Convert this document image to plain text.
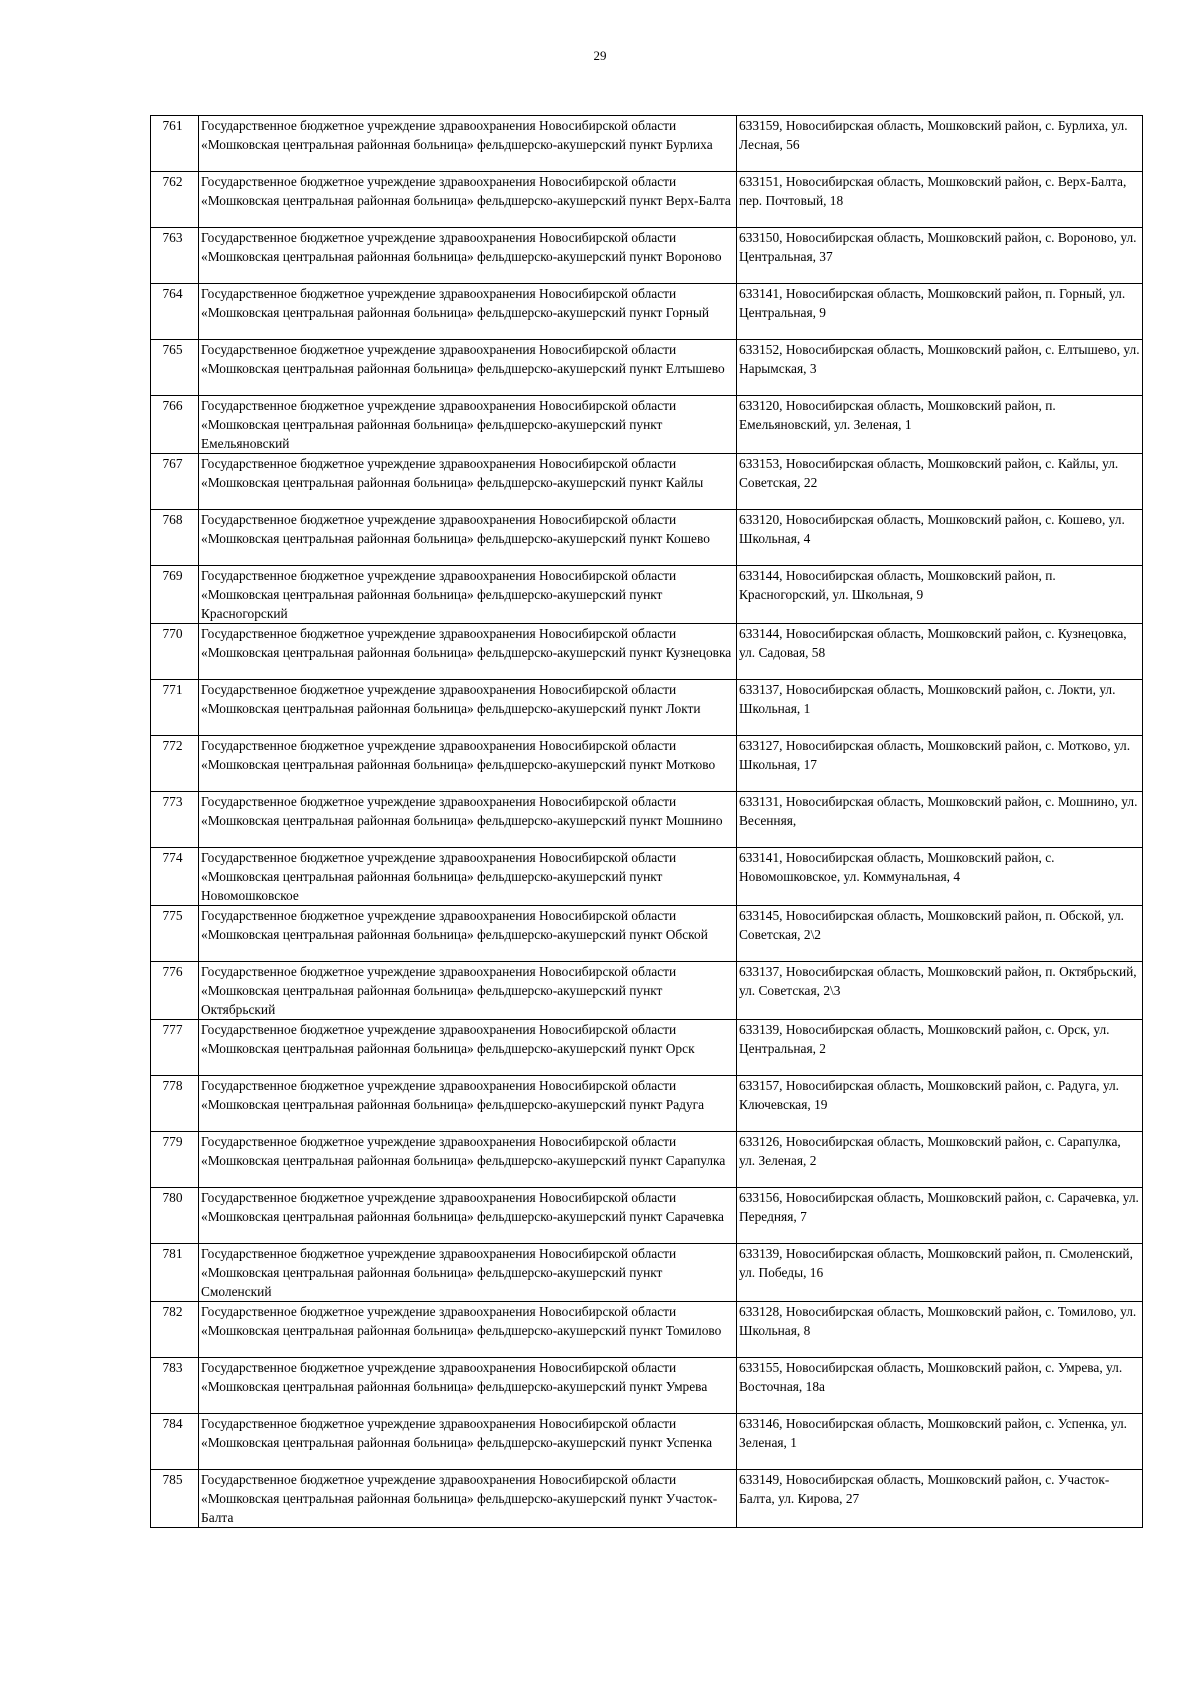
29
761	Государственное бюджетное учреждение здравоохранения Новосибирской области «Мошковская центральная районная больница» фельдшерско-акушерский пункт Бурлиха	633159, Новосибирская область, Мошковский район, с. Бурлиха, ул. Лесная, 56
762	Государственное бюджетное учреждение здравоохранения Новосибирской области «Мошковская центральная районная больница» фельдшерско-акушерский пункт Верх-Балта	633151, Новосибирская область, Мошковский район, с. Верх-Балта, пер. Почтовый, 18
763	Государственное бюджетное учреждение здравоохранения Новосибирской области «Мошковская центральная районная больница» фельдшерско-акушерский пункт Вороново	633150, Новосибирская область, Мошковский район, с. Вороново, ул. Центральная, 37
764	Государственное бюджетное учреждение здравоохранения Новосибирской области «Мошковская центральная районная больница» фельдшерско-акушерский пункт Горный	633141, Новосибирская область, Мошковский район, п. Горный, ул. Центральная, 9
765	Государственное бюджетное учреждение здравоохранения Новосибирской области «Мошковская центральная районная больница» фельдшерско-акушерский пункт Елтышево	633152, Новосибирская область, Мошковский район, с. Елтышево, ул. Нарымская, 3
766	Государственное бюджетное учреждение здравоохранения Новосибирской области «Мошковская центральная районная больница» фельдшерско-акушерский пункт Емельяновский	633120, Новосибирская область, Мошковский район, п. Емельяновский, ул. Зеленая, 1
767	Государственное бюджетное учреждение здравоохранения Новосибирской области «Мошковская центральная районная больница» фельдшерско-акушерский пункт Кайлы	633153, Новосибирская область, Мошковский район, с. Кайлы, ул. Советская, 22
768	Государственное бюджетное учреждение здравоохранения Новосибирской области «Мошковская центральная районная больница» фельдшерско-акушерский пункт Кошево	633120, Новосибирская область, Мошковский район, с. Кошево, ул. Школьная, 4
769	Государственное бюджетное учреждение здравоохранения Новосибирской области «Мошковская центральная районная больница» фельдшерско-акушерский пункт Красногорский	633144, Новосибирская область, Мошковский район, п. Красногорский, ул. Школьная, 9
770	Государственное бюджетное учреждение здравоохранения Новосибирской области «Мошковская центральная районная больница» фельдшерско-акушерский пункт Кузнецовка	633144, Новосибирская область, Мошковский район, с. Кузнецовка, ул. Садовая, 58
771	Государственное бюджетное учреждение здравоохранения Новосибирской области «Мошковская центральная районная больница» фельдшерско-акушерский пункт Локти	633137, Новосибирская область, Мошковский район, с. Локти, ул. Школьная, 1
772	Государственное бюджетное учреждение здравоохранения Новосибирской области «Мошковская центральная районная больница» фельдшерско-акушерский пункт Мотково	633127, Новосибирская область, Мошковский район, с. Мотково, ул. Школьная, 17
773	Государственное бюджетное учреждение здравоохранения Новосибирской области «Мошковская центральная районная больница» фельдшерско-акушерский пункт Мошнино	633131, Новосибирская область, Мошковский район, с. Мошнино, ул. Весенняя,
774	Государственное бюджетное учреждение здравоохранения Новосибирской области «Мошковская центральная районная больница» фельдшерско-акушерский пункт Новомошковское	633141, Новосибирская область, Мошковский район, с. Новомошковское, ул. Коммунальная, 4
775	Государственное бюджетное учреждение здравоохранения Новосибирской области «Мошковская центральная районная больница» фельдшерско-акушерский пункт Обской	633145, Новосибирская область, Мошковский район, п. Обской, ул. Советская, 2\2
776	Государственное бюджетное учреждение здравоохранения Новосибирской области «Мошковская центральная районная больница» фельдшерско-акушерский пункт Октябрьский	633137, Новосибирская область, Мошковский район, п. Октябрьский, ул. Советская, 2\3
777	Государственное бюджетное учреждение здравоохранения Новосибирской области «Мошковская центральная районная больница» фельдшерско-акушерский пункт Орск	633139, Новосибирская область, Мошковский район, с. Орск, ул. Центральная, 2
778	Государственное бюджетное учреждение здравоохранения Новосибирской области «Мошковская центральная районная больница» фельдшерско-акушерский пункт Радуга	633157, Новосибирская область, Мошковский район, с. Радуга, ул. Ключевская, 19
779	Государственное бюджетное учреждение здравоохранения Новосибирской области «Мошковская центральная районная больница» фельдшерско-акушерский пункт Сарапулка	633126, Новосибирская область, Мошковский район, с. Сарапулка, ул. Зеленая, 2
780	Государственное бюджетное учреждение здравоохранения Новосибирской области «Мошковская центральная районная больница» фельдшерско-акушерский пункт Сарачевка	633156, Новосибирская область, Мошковский район, с. Сарачевка, ул. Передняя, 7
781	Государственное бюджетное учреждение здравоохранения Новосибирской области «Мошковская центральная районная больница» фельдшерско-акушерский пункт Смоленский	633139, Новосибирская область, Мошковский район, п. Смоленский, ул. Победы, 16
782	Государственное бюджетное учреждение здравоохранения Новосибирской области «Мошковская центральная районная больница» фельдшерско-акушерский пункт Томилово	633128, Новосибирская область, Мошковский район, с. Томилово, ул. Школьная, 8
783	Государственное бюджетное учреждение здравоохранения Новосибирской области «Мошковская центральная районная больница» фельдшерско-акушерский пункт Умрева	633155, Новосибирская область, Мошковский район, с. Умрева, ул. Восточная, 18а
784	Государственное бюджетное учреждение здравоохранения Новосибирской области «Мошковская центральная районная больница» фельдшерско-акушерский пункт Успенка	633146, Новосибирская область, Мошковский район, с. Успенка, ул. Зеленая, 1
785	Государственное бюджетное учреждение здравоохранения Новосибирской области «Мошковская центральная районная больница» фельдшерско-акушерский пункт Участок-Балта	633149, Новосибирская область, Мошковский район, с. Участок-Балта, ул. Кирова, 27
